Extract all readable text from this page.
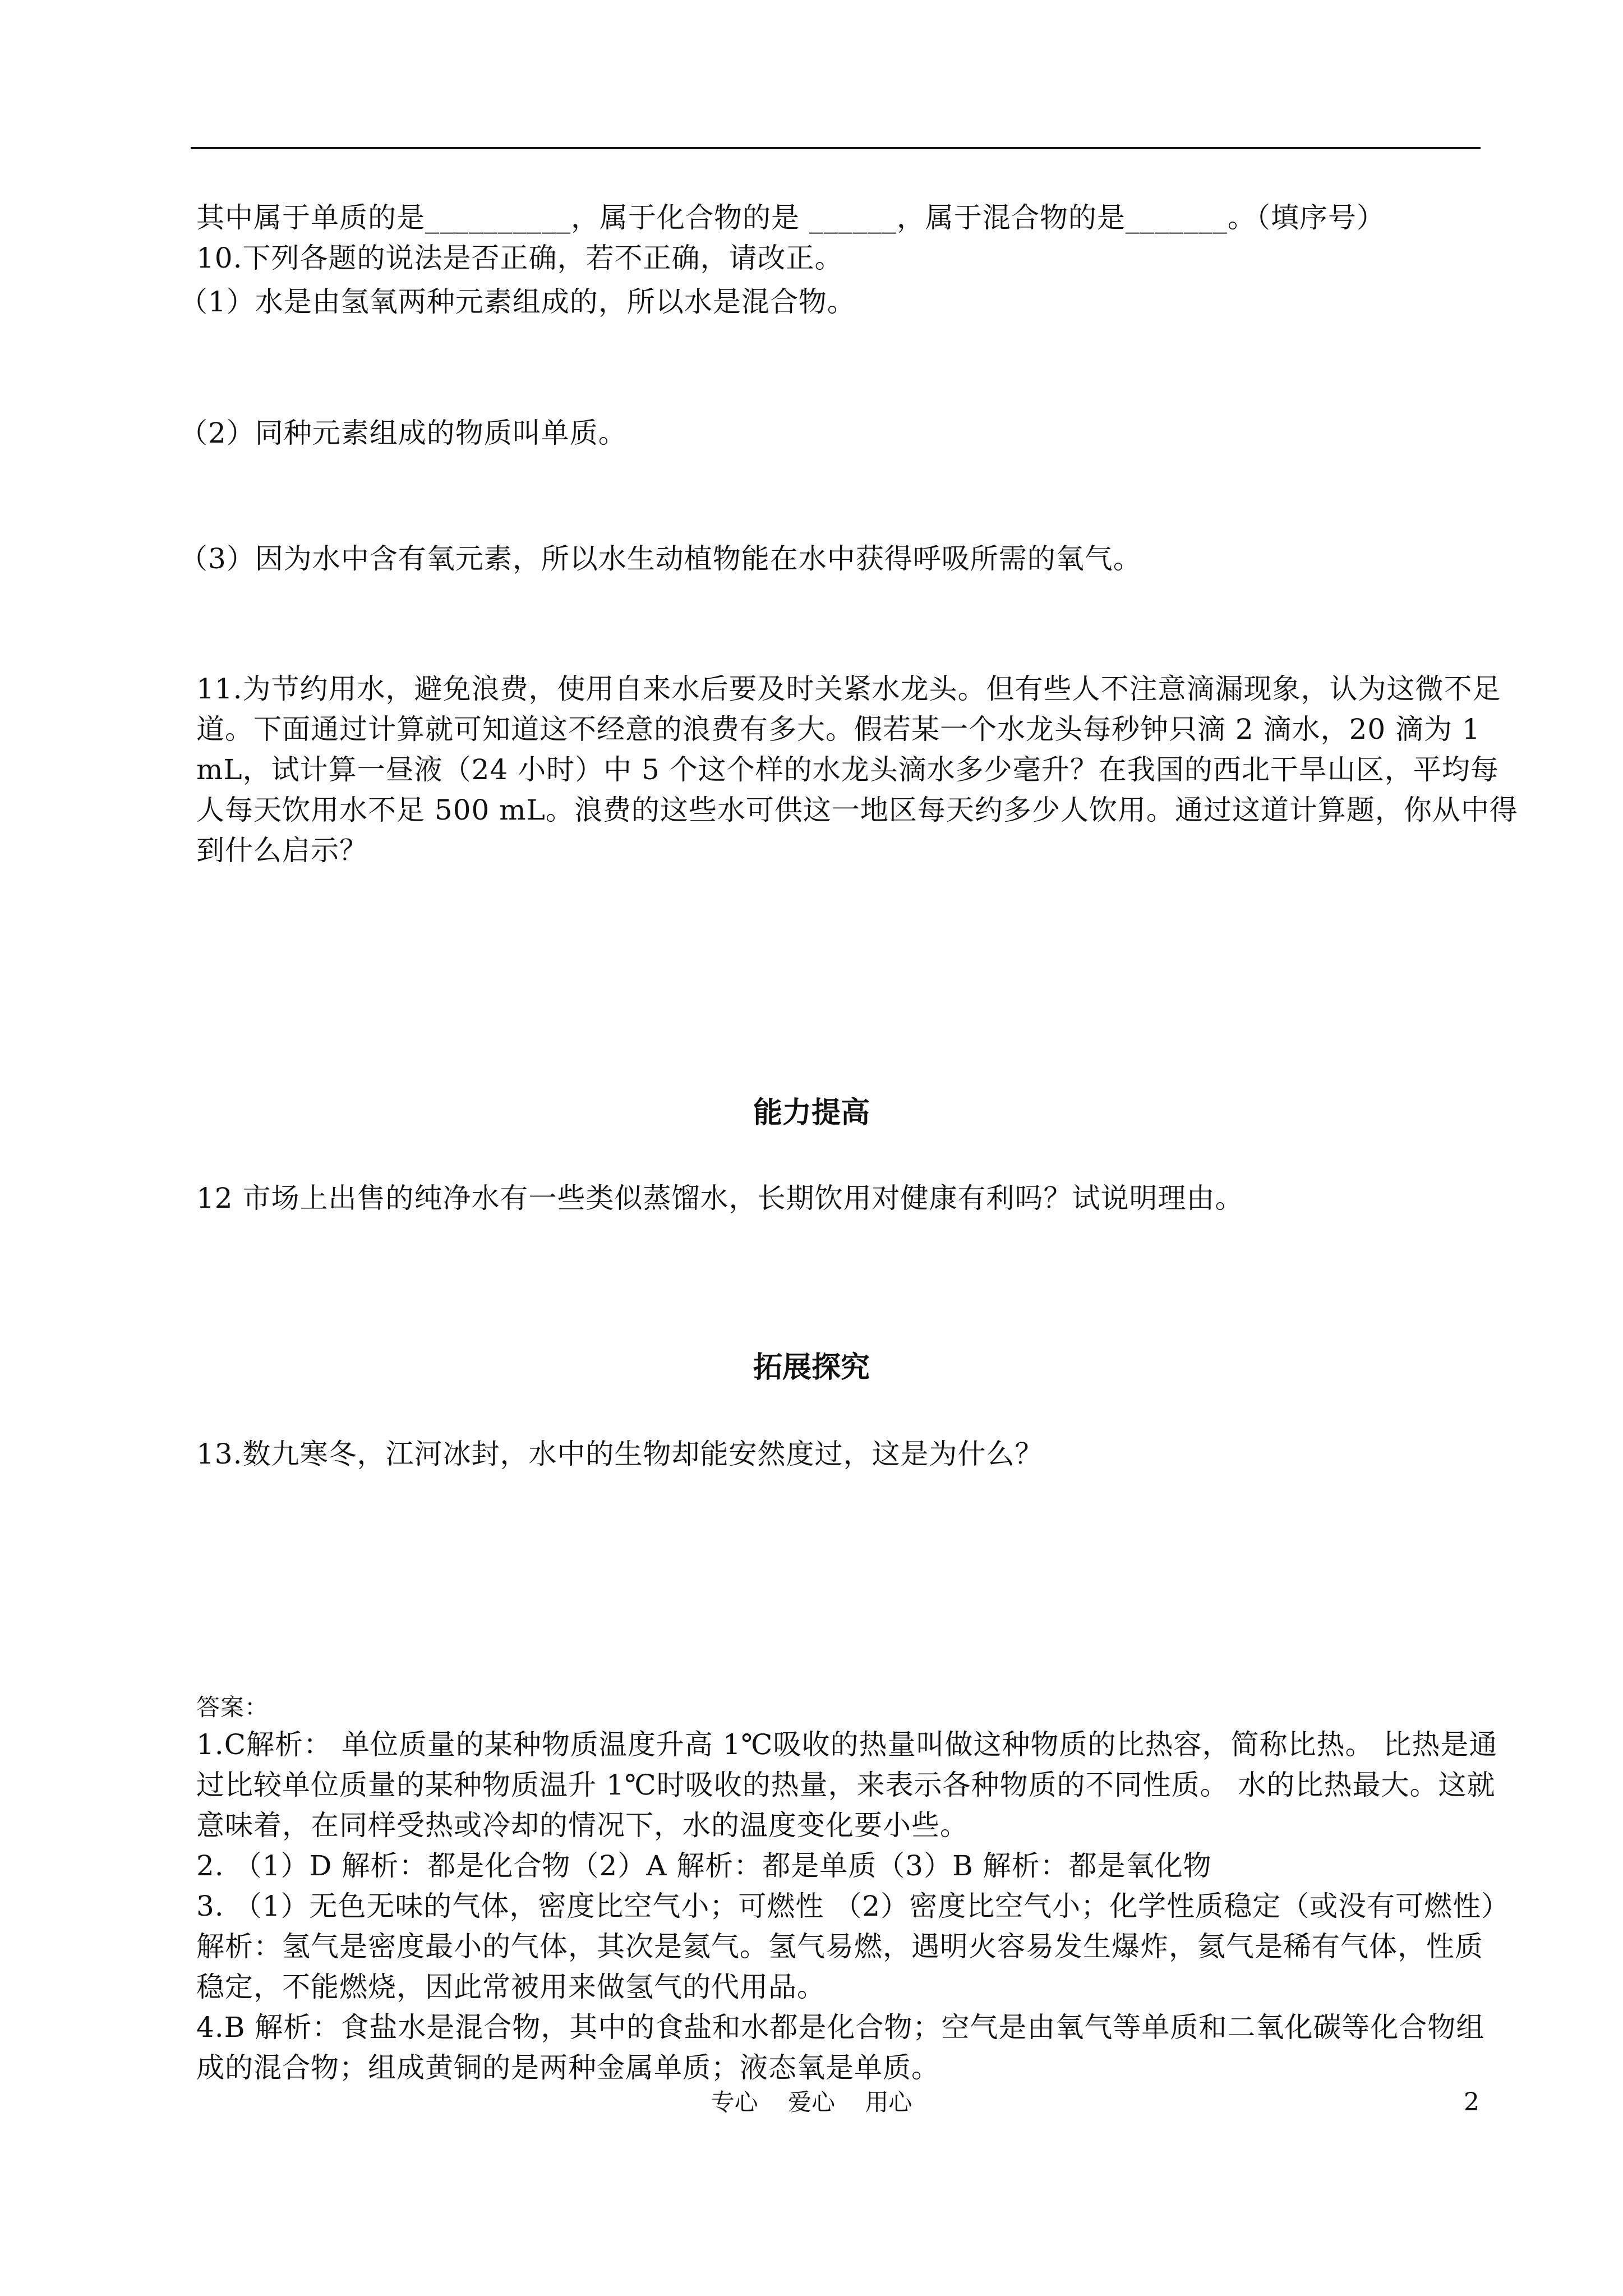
其中属于单质的是__________，属于化合物的是 ______，属于混合物的是_______。（填序号）
10.下列各题的说法是否正确，若不正确，请改正。
（1）水是由氢氧两种元素组成的，所以水是混合物。
（2）同种元素组成的物质叫单质。
（3）因为水中含有氧元素，所以水生动植物能在水中获得呼吸所需的氧气。
11.为节约用水，避免浪费，使用自来水后要及时关紧水龙头。但有些人不注意滴漏现象，认为这微不足
道。下面通过计算就可知道这不经意的浪费有多大。假若某一个水龙头每秒钟只滴 2 滴水，20 滴为 1
mL，试计算一昼液（24 小时）中 5 个这个样的水龙头滴水多少毫升？在我国的西北干旱山区，平均每
人每天饮用水不足 500 mL。浪费的这些水可供这一地区每天约多少人饮用。通过这道计算题，你从中得
到什么启示？
能力提高
12 市场上出售的纯净水有一些类似蒸馏水，长期饮用对健康有利吗？试说明理由。
拓展探究
13.数九寒冬，江河冰封，水中的生物却能安然度过，这是为什么？
答案：
1.C解析： 单位质量的某种物质温度升高 1℃吸收的热量叫做这种物质的比热容，简称比热。 比热是通
过比较单位质量的某种物质温升 1℃时吸收的热量，来表示各种物质的不同性质。 水的比热最大。这就
意味着，在同样受热或冷却的情况下，水的温度变化要小些。
2. （1）D 解析：都是化合物（2）A 解析：都是单质（3）B 解析：都是氧化物
3. （1）无色无味的气体，密度比空气小；可燃性 （2）密度比空气小；化学性质稳定（或没有可燃性）
解析：氢气是密度最小的气体，其次是氦气。氢气易燃，遇明火容易发生爆炸，氦气是稀有气体，性质
稳定，不能燃烧，因此常被用来做氢气的代用品。
4.B 解析：食盐水是混合物，其中的食盐和水都是化合物；空气是由氧气等单质和二氧化碳等化合物组
成的混合物；组成黄铜的是两种金属单质；液态氧是单质。
专心    爱心    用心	2
